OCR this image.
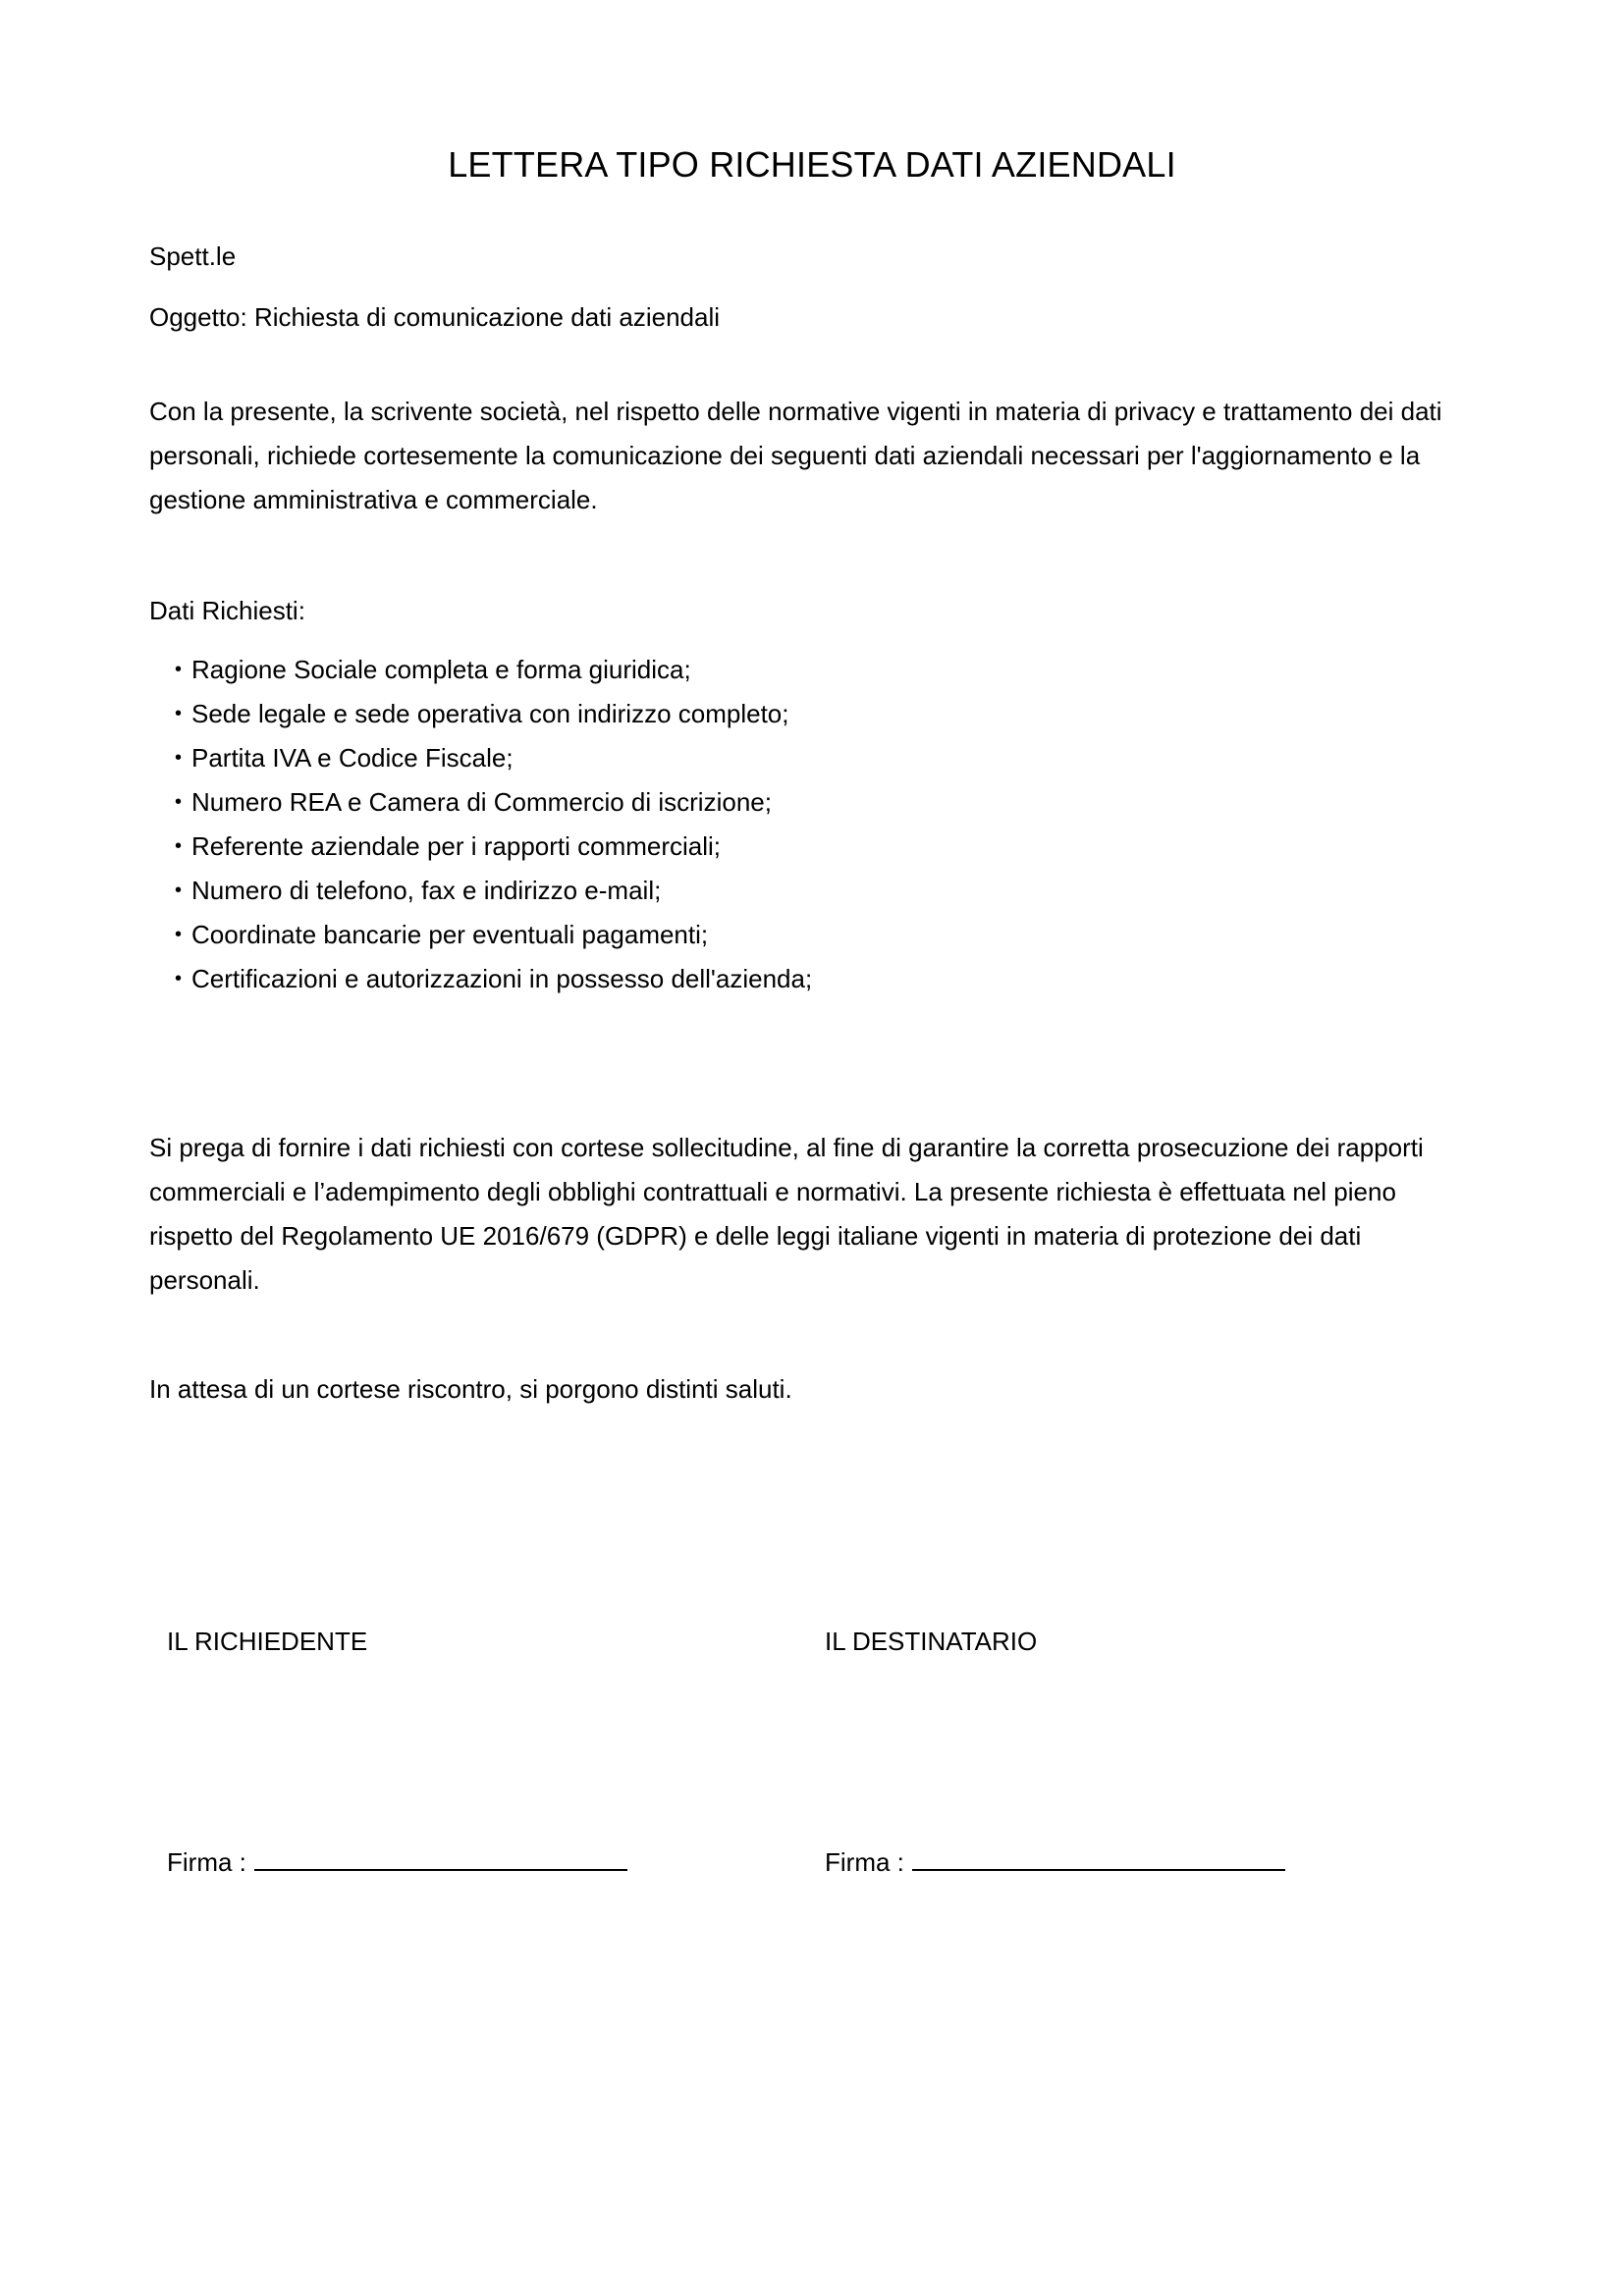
LETTERA TIPO RICHIESTA DATI AZIENDALI
Spett.le
Oggetto: Richiesta di comunicazione dati aziendali

Con la presente, la scrivente società, nel rispetto delle normative vigenti in materia di privacy e trattamento dei dati personali, richiede cortesemente la comunicazione dei seguenti dati aziendali necessari per l'aggiornamento e la gestione amministrativa e commerciale.

Dati Richiesti:
• Ragione Sociale completa e forma giuridica;
• Sede legale e sede operativa con indirizzo completo;
• Partita IVA e Codice Fiscale;
• Numero REA e Camera di Commercio di iscrizione;
• Referente aziendale per i rapporti commerciali;
• Numero di telefono, fax e indirizzo e-mail;
• Coordinate bancarie per eventuali pagamenti;
• Certificazioni e autorizzazioni in possesso dell'azienda;

Si prega di fornire i dati richiesti con cortese sollecitudine, al fine di garantire la corretta prosecuzione dei rapporti commerciali e l’adempimento degli obblighi contrattuali e normativi. La presente richiesta è effettuata nel pieno rispetto del Regolamento UE 2016/679 (GDPR) e delle leggi italiane vigenti in materia di protezione dei dati personali.

In attesa di un cortese riscontro, si porgono distinti saluti.
IL RICHIEDENTE	IL DESTINATARIO
Firma :	Firma :
